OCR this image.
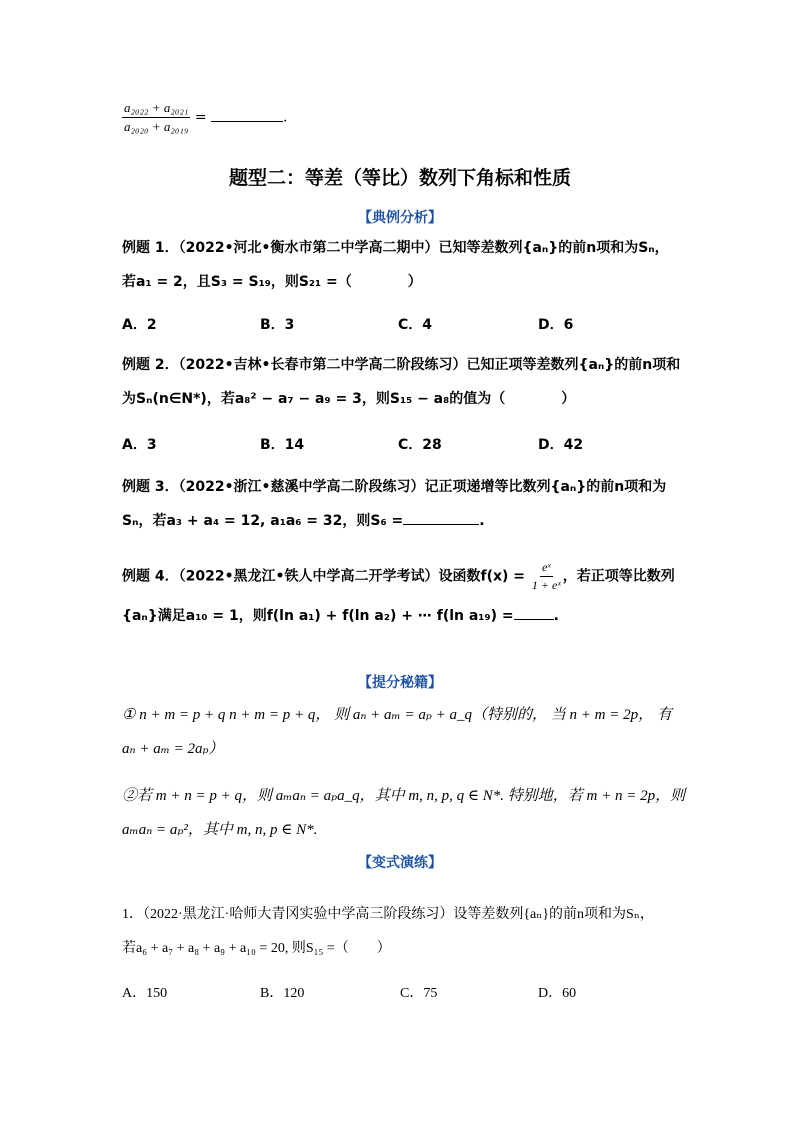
$\frac{\text{a₂₀₂₂ + a₂₀₂₁}}{\text{a₂₀₂₀ + a₂₀₁₉}}$ =	.
题型二：等差（等比）数列下角标和性质
【典例分析】
例题 1．（2022•河北•衡水市第二中学高二期中）已知等差数列{aₙ}的前n项和为Sₙ，
若a₁ = 2，且S₃ = S₁₉，则S₂₁ =（　　　　）
A．2	B．3	C．4	D．6
例题 2．（2022•吉林•长春市第二中学高二阶段练习）已知正项等差数列{aₙ}的前n项和
为Sₙ(n∈N*)，若a₈² − a₇ − a₉ = 3，则S₁₅ − a₈的值为（　　　　）
A．3	B．14	C．28	D．42
例题 3．（2022•浙江•慈溪中学高二阶段练习）记正项递增等比数列{aₙ}的前n项和为
Sₙ，若a₃ + a₄ = 12, a₁a₆ = 32，则S₆ =	.
例题 4．（2022•黑龙江•铁人中学高二开学考试）设函数$f(x) = \frac{\text{eˣ}}{\text{1 + eˣ}}$ ，若正项等比数列
{aₙ}满足a₁₀ = 1，则f(ln a₁) + f(ln a₂) + ⋯ f(ln a₁₉) =	.
【提分秘籍】
① n + m = p + q n + m = p + q， 则 aₙ + aₘ = aₚ + a_q（特别的， 当 n + m = 2p， 有
aₙ + aₘ = 2aₚ）
②若 m + n = p + q，则 aₘaₙ = aₚa_q，其中 m, n, p, q ∈ N*. 特别地，若 m + n = 2p，则
aₘaₙ = aₚ²，其中 m, n, p ∈ N*.
【变式演练】
1．（2022·黑龙江·哈师大青冈实验中学高三阶段练习）设等差数列{aₙ}的前n项和为Sₙ，
若a₆ + a₇ + a₈ + a₉ + a₁₀ = 20, 则S₁₅ =（　　）
A．150	B．120	C．75	D．60
